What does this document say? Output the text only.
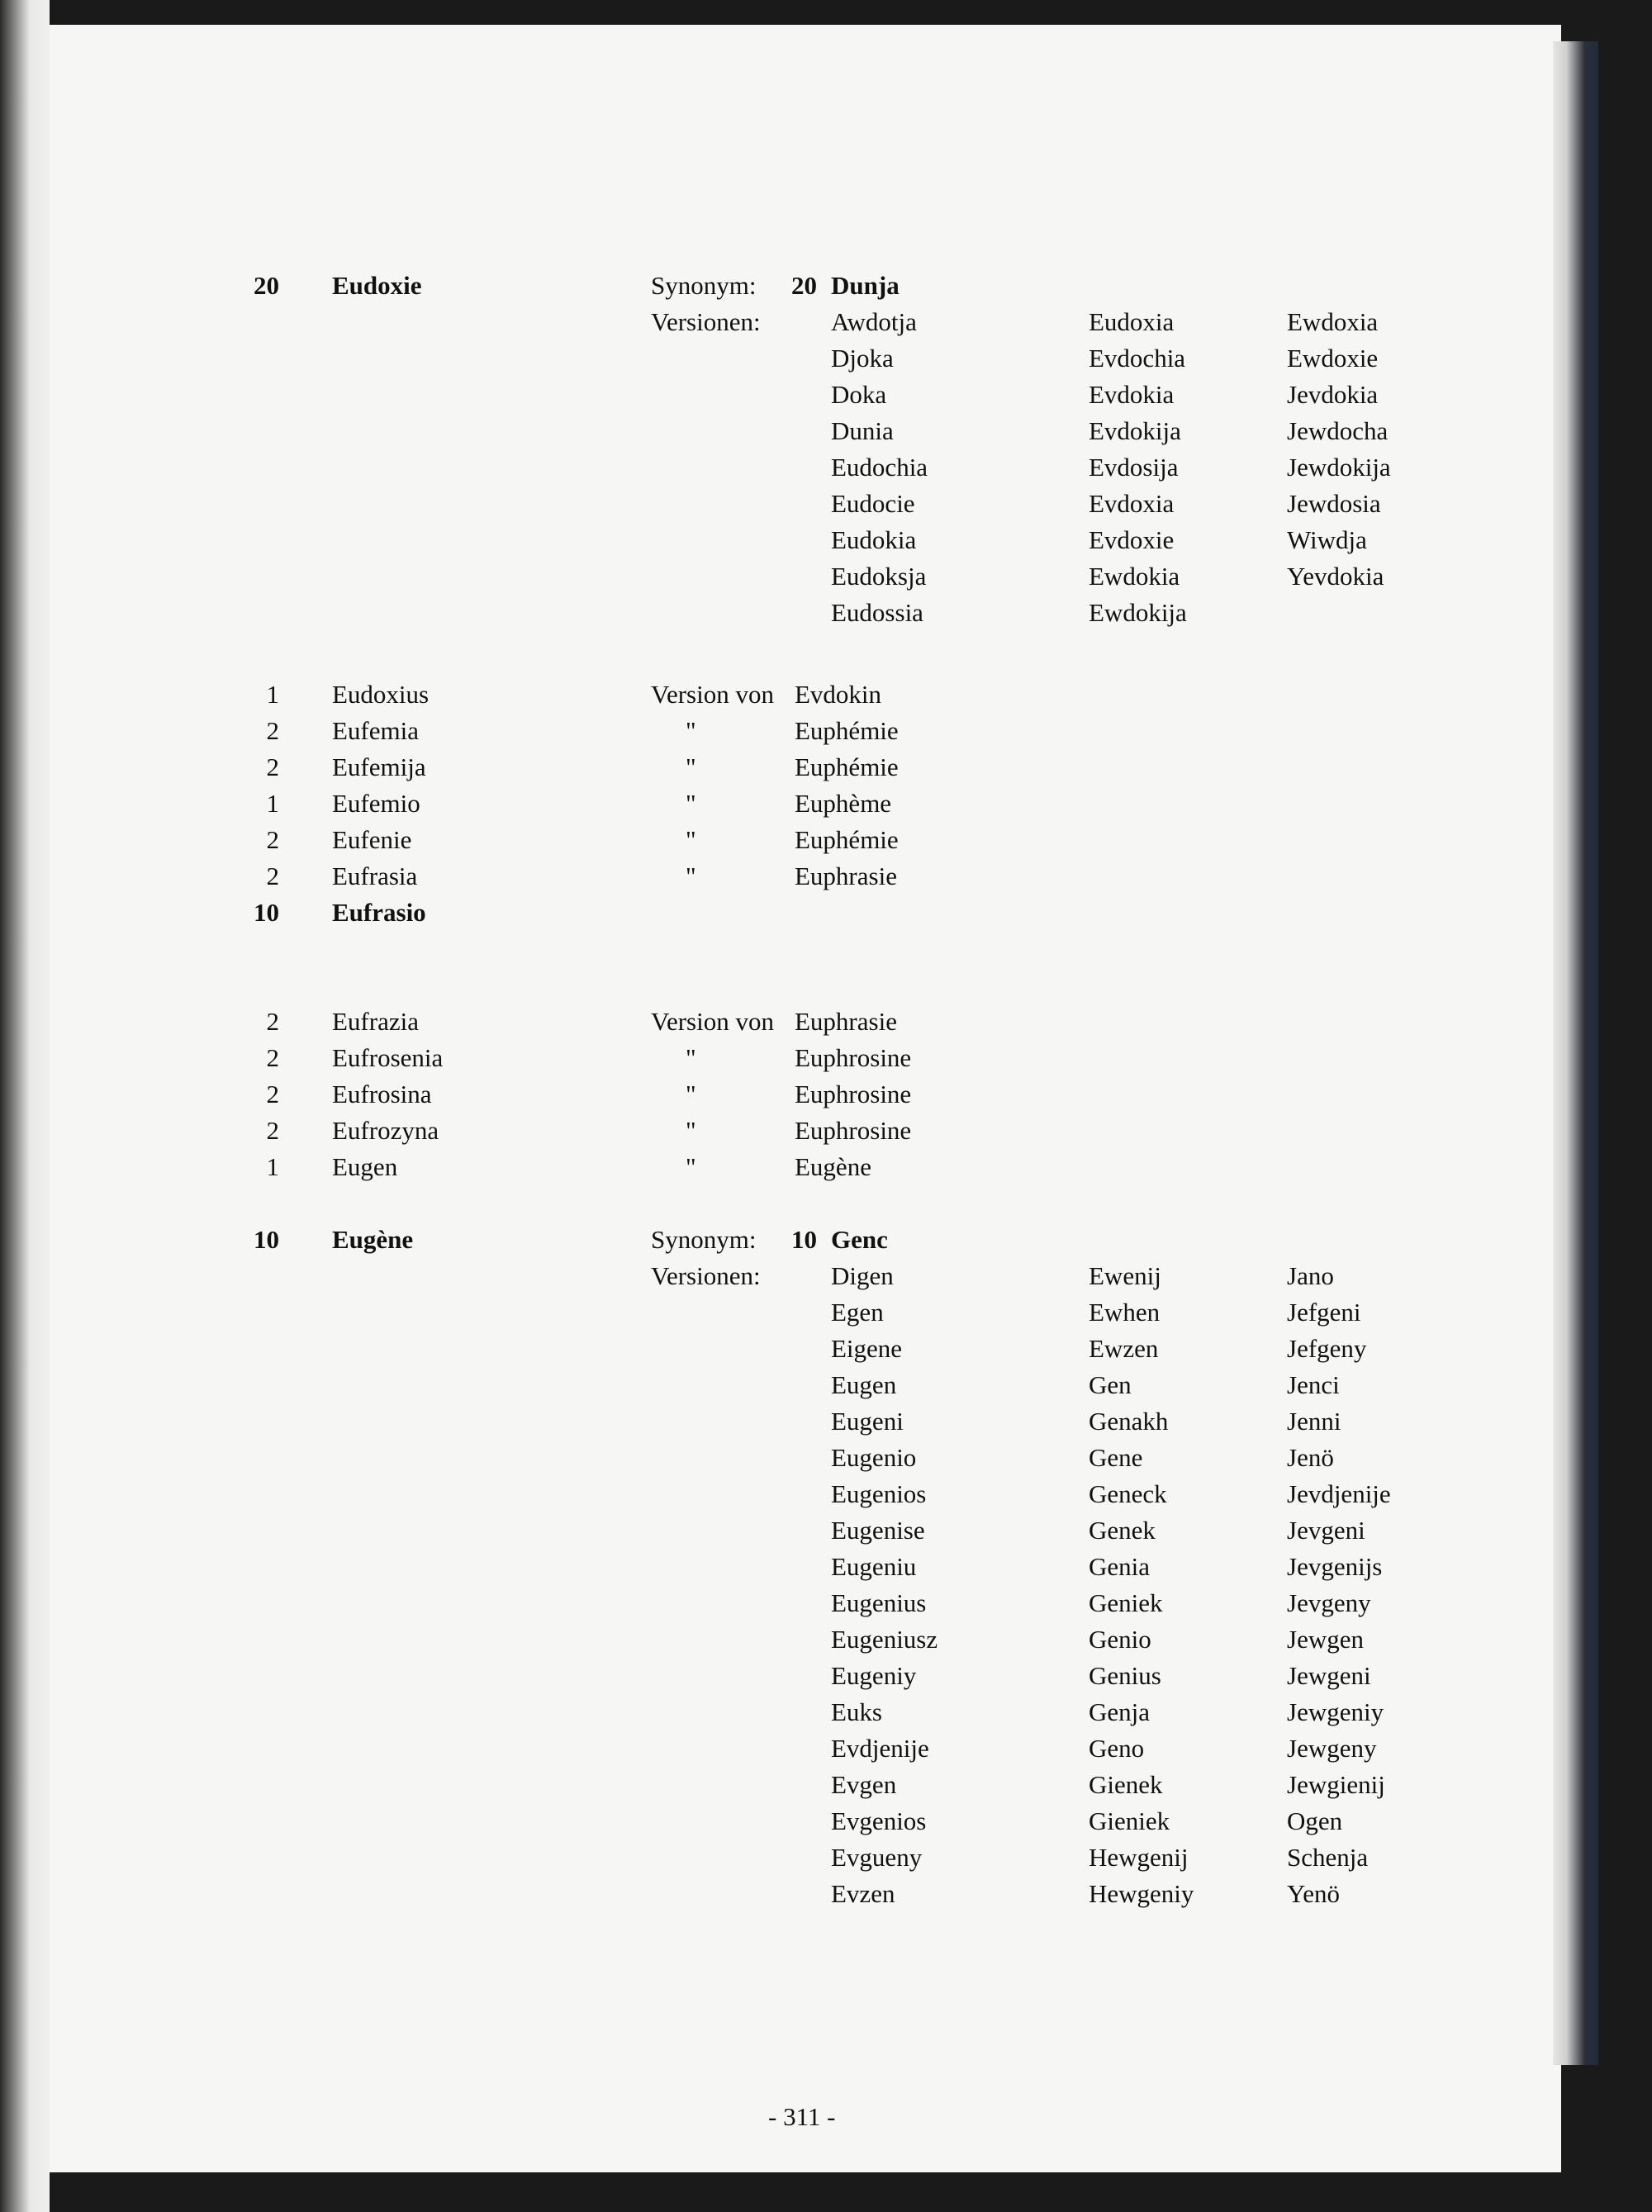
20 Eudoxie	Synonym: 20 Dunja
Versionen:	Awdotja	Eudoxia	Ewdoxia
Djoka	Evdochia	Ewdoxie
Doka	Evdokia	Jevdokia
Dunia	Evdokija	Jewdocha
Eudochia	Evdosija	Jewdokija
Eudocie	Evdoxia	Jewdosia
Eudokia	Evdoxie	Wiwdja
Eudoksja	Ewdokia	Yevdokia
Eudossia	Ewdokija
1 Eudoxius	Version von Evdokin
2 Eufemia	"	Euphémie
2 Eufemija	"	Euphémie
1 Eufemio	"	Euphème
2 Eufenie	"	Euphémie
2 Eufrasia	"	Euphrasie
10 Eufrasio
2 Eufrazia	Version von Euphrasie
2 Eufrosenia	"	Euphrosine
2 Eufrosina	"	Euphrosine
2 Eufrozyna	"	Euphrosine
1 Eugen	"	Eugène
10 Eugène	Synonym: 10 Genc
Versionen:	Digen	Ewenij	Jano
Egen	Ewhen	Jefgeni
Eigene	Ewzen	Jefgeny
Eugen	Gen	Jenci
Eugeni	Genakh	Jenni
Eugenio	Gene	Jenö
Eugenios	Geneck	Jevdjenije
Eugenise	Genek	Jevgeni
Eugeniu	Genia	Jevgenijs
Eugenius	Geniek	Jevgeny
Eugeniusz	Genio	Jewgen
Eugeniy	Genius	Jewgeni
Euks	Genja	Jewgeniy
Evdjenije	Geno	Jewgeny
Evgen	Gienek	Jewgienij
Evgenios	Gieniek	Ogen
Evgueny	Hewgenij	Schenja
Evzen	Hewgeniy	Yenö
- 311 -
